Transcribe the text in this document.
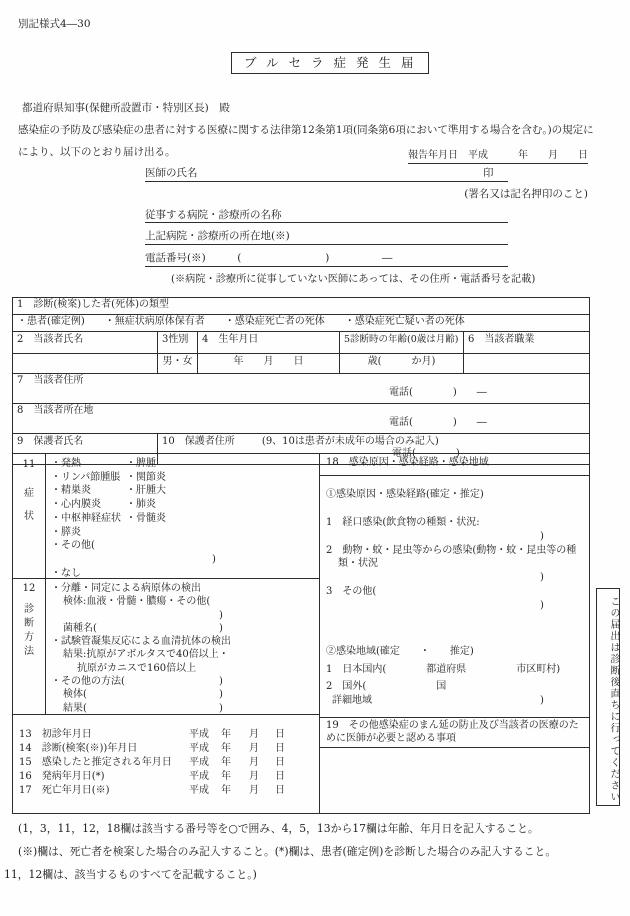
別記様式4―30
ブルセラ症発生届
都道府県知事(保健所設置市・特別区長)　殿
感染症の予防及び感染症の患者に対する医療に関する法律第12条第1項(同条第6項において準用する場合を含む。)の規定に
により、以下のとおり届け出る。	報告年月日　平成　　　年　　月　　日
医師の氏名	印
(署名又は記名押印のこと)
従事する病院・診療所の名称
上記病院・診療所の所在地(※)
電話番号(※)　　　(　　　　　　　　)　　　　　―
(※病院・診療所に従事していない医師にあっては、その住所・電話番号を記載)
1　診断(検案)した者(死体)の類型
・患者(確定例)　　・無症状病原体保有者　　・感染症死亡者の死体　　・感染症死亡疑い者の死体
2　当該者氏名	3性別	4　生年月日	5診断時の年齢(0歳は月齢) 6　当該者職業
男・女	年　　月　　日	歳(　　　か月)
7　当該者住所
電話(　　　　)　　―
8　当該者所在地
電話(　　　　)　　―
9　保護者氏名	10　保護者住所	(9、10は患者が未成年の場合のみ記入)
電話(　　　　)　　―
11
症
状
・発熱
・リンパ節腫脹
・精巣炎
・心内膜炎
・中枢神経症状
・膵炎
・その他(
)
・なし
・脾腫
・関節炎
・肝腫大
・肺炎
・骨髄炎
12
診
断
方
法
・分離・同定による病原体の検出
検体:血液・骨髄・膿瘍・その他(
)

菌種名(	)
・試験管凝集反応による血清抗体の検出
結果:抗原がアボルタスで40倍以上・
抗原がカニスで160倍以上
・その他の方法(	)
検体(	)
結果(	)
13　初診年月日	平成 年 月 日
14　診断(検案(※))年月日	平成 年 月 日
15　感染したと推定される年月日 平成 年 月 日
16　発病年月日(*)	平成 年 月 日
17　死亡年月日(※)	平成 年 月 日
18　感染原因・感染経路・感染地域
①感染原因・感染経路(確定・推定)
1　経口感染(飲食物の種類・状況:
)
2　動物・蚊・昆虫等からの感染(動物・蚊・昆虫等の種
類・状況
)
3　その他(
)
②感染地域(確定　　・　　推定)
1　日本国内(　　　　都道府県　　　　　市区町村)
2　国外(　　　　　　　国
詳細地域	)
19　その他感染症のまん延の防止及び当該者の医療のために医師が必要と認める事項	この届出は診断後直ちに行ってください
(1，3，11，12，18欄は該当する番号等を○で囲み、4，5，13から17欄は年齢、年月日を記入すること。
(※)欄は、死亡者を検案した場合のみ記入すること。(*)欄は、患者(確定例)を診断した場合のみ記入すること。
11，12欄は、該当するものすべてを記載すること。)
